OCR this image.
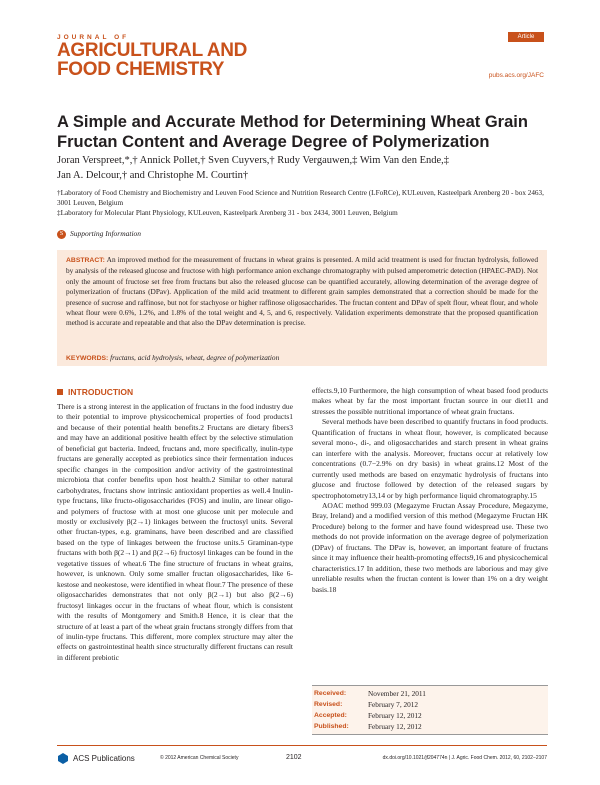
JOURNAL OF
AGRICULTURAL AND
FOOD CHEMISTRY
Article
pubs.acs.org/JAFC
A Simple and Accurate Method for Determining Wheat Grain Fructan Content and Average Degree of Polymerization
Joran Verspreet,*,† Annick Pollet,† Sven Cuyvers,† Rudy Vergauwen,‡ Wim Van den Ende,‡
Jan A. Delcour,† and Christophe M. Courtin†
†Laboratory of Food Chemistry and Biochemistry and Leuven Food Science and Nutrition Research Centre (LFoRCe), KULeuven, Kasteelpark Arenberg 20 - box 2463, 3001 Leuven, Belgium
‡Laboratory for Molecular Plant Physiology, KULeuven, Kasteelpark Arenberg 31 - box 2434, 3001 Leuven, Belgium
S Supporting Information
ABSTRACT: An improved method for the measurement of fructans in wheat grains is presented. A mild acid treatment is used for fructan hydrolysis, followed by analysis of the released glucose and fructose with high performance anion exchange chromatography with pulsed amperometric detection (HPAEC-PAD). Not only the amount of fructose set free from fructans but also the released glucose can be quantified accurately, allowing determination of the average degree of polymerization of fructans (DPav). Application of the mild acid treatment to different grain samples demonstrated that a correction should be made for the presence of sucrose and raffinose, but not for stachyose or higher raffinose oligosaccharides. The fructan content and DPav of spelt flour, wheat flour, and whole wheat flour were 0.6%, 1.2%, and 1.8% of the total weight and 4, 5, and 6, respectively. Validation experiments demonstrate that the proposed quantification method is accurate and repeatable and that also the DPav determination is precise.
KEYWORDS: fructans, acid hydrolysis, wheat, degree of polymerization
INTRODUCTION

There is a strong interest in the application of fructans in the food industry due to their potential to improve physicochemical properties of food products1 and because of their potential health benefits.2 Fructans are dietary fibers3 and may have an additional positive health effect by the selective stimulation of beneficial gut bacteria. Indeed, fructans and, more specifically, inulin-type fructans are generally accepted as prebiotics since their fermentation induces specific changes in the composition and/or activity of the gastrointestinal microbiota that confer benefits upon host health.2 Similar to other natural carbohydrates, fructans show intrinsic antioxidant properties as well.4 Inulin-type fructans, like fructo-oligosaccharides (FOS) and inulin, are linear oligo- and polymers of fructose with at most one glucose unit per molecule and mostly or exclusively β(2→1) linkages between the fructosyl units. Several other fructan-types, e.g. graminans, have been described and are classified based on the type of linkages between the fructose units.5 Graminan-type fructans with both β(2→1) and β(2→6) fructosyl linkages can be found in the vegetative tissues of wheat.6 The fine structure of fructans in wheat grains, however, is unknown. Only some smaller fructan oligosaccharides, like 6-kestose and neokestose, were identified in wheat flour.7 The presence of these oligosaccharides demonstrates that not only β(2→1) but also β(2→6) fructosyl linkages occur in the fructans of wheat flour, which is consistent with the results of Montgomery and Smith.8 Hence, it is clear that the structure of at least a part of the wheat grain fructans strongly differs from that of inulin-type fructans. This different, more complex structure may alter the effects on gastrointestinal health since structurally different fructans can result in different prebiotic

effects.9,10 Furthermore, the high consumption of wheat based food products makes wheat by far the most important fructan source in our diet11 and stresses the possible nutritional importance of wheat grain fructans.

Several methods have been described to quantify fructans in food products. Quantification of fructans in wheat flour, however, is complicated because several mono-, di-, and oligosaccharides and starch present in wheat grains can interfere with the analysis. Moreover, fructans occur at relatively low concentrations (0.7−2.9% on dry basis) in wheat grains.12 Most of the currently used methods are based on enzymatic hydrolysis of fructans into glucose and fructose followed by detection of the released sugars by spectrophotometry13,14 or by high performance liquid chromatography.15

AOAC method 999.03 (Megazyme Fructan Assay Procedure, Megazyme, Bray, Ireland) and a modified version of this method (Megazyme Fructan HK Procedure) belong to the former and have found widespread use. These two methods do not provide information on the average degree of polymerization (DPav) of fructans. The DPav is, however, an important feature of fructans since it may influence their health-promoting effects9,16 and physicochemical characteristics.17 In addition, these two methods are laborious and may give unreliable results when the fructan content is lower than 1% on a dry weight basis.18

Received:	November 21, 2011
Revised:	February 7, 2012
Accepted:	February 12, 2012
Published:	February 12, 2012
ACS Publications	© 2012 American Chemical Society	2102	dx.doi.org/10.1021/jf204774n | J. Agric. Food Chem. 2012, 60, 2102−2107
